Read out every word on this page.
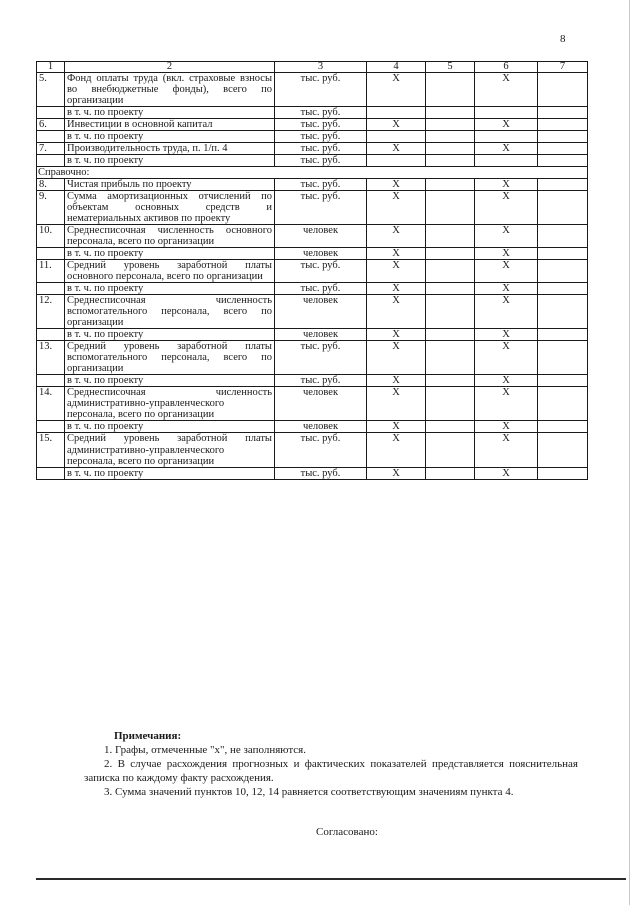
8
1	2	3	4	5	6	7
5.	Фонд оплаты труда (вкл. страховые взносы во внебюджетные фонды), всего по организации	тыс. руб.	X		X	
	в т. ч. по проекту	тыс. руб.				
6.	Инвестиции в основной капитал	тыс. руб.	X		X	
	в т. ч. по проекту	тыс. руб.				
7.	Производительность труда, п. 1/п. 4	тыс. руб.	X		X	
	в т. ч. по проекту	тыс. руб.				
Справочно:						
8.	Чистая прибыль по проекту	тыс. руб.	X		X	
9.	Сумма амортизационных отчислений по объектам основных средств и нематериальных активов по проекту	тыс. руб.	X		X	
10.	Среднесписочная численность основного персонала, всего по организации	человек	X		X	
	в т. ч. по проекту	человек	X		X	

11.	Средний уровень заработной платы основного персонала, всего по организации	тыс. руб.	X		X	
	в т. ч. по проекту	тыс. руб.	X		X	

12.	Среднесписочная численность вспомогательного персонала, всего по организации	человек	X		X	
	в т. ч. по проекту	человек	X		X	

13.	Средний уровень заработной платы вспомогательного персонала, всего по организации	тыс. руб.	X		X	
	в т. ч. по проекту	тыс. руб.	X		X	

14.	Среднесписочная численность административно-управленческого персонала, всего по организации	человек	X		X	
	в т. ч. по проекту	человек	X		X	

15.	Средний уровень заработной платы административно-управленческого персонала, всего по организации	тыс. руб.	X		X	
	в т. ч. по проекту	тыс. руб.	X		X	

Примечания:
1. Графы, отмеченные "х", не заполняются.
2. В случае расхождения прогнозных и фактических показателей представляется пояснительная записка по каждому факту расхождения.
3. Сумма значений пунктов 10, 12, 14 равняется соответствующим значениям пункта 4.
Согласовано:
